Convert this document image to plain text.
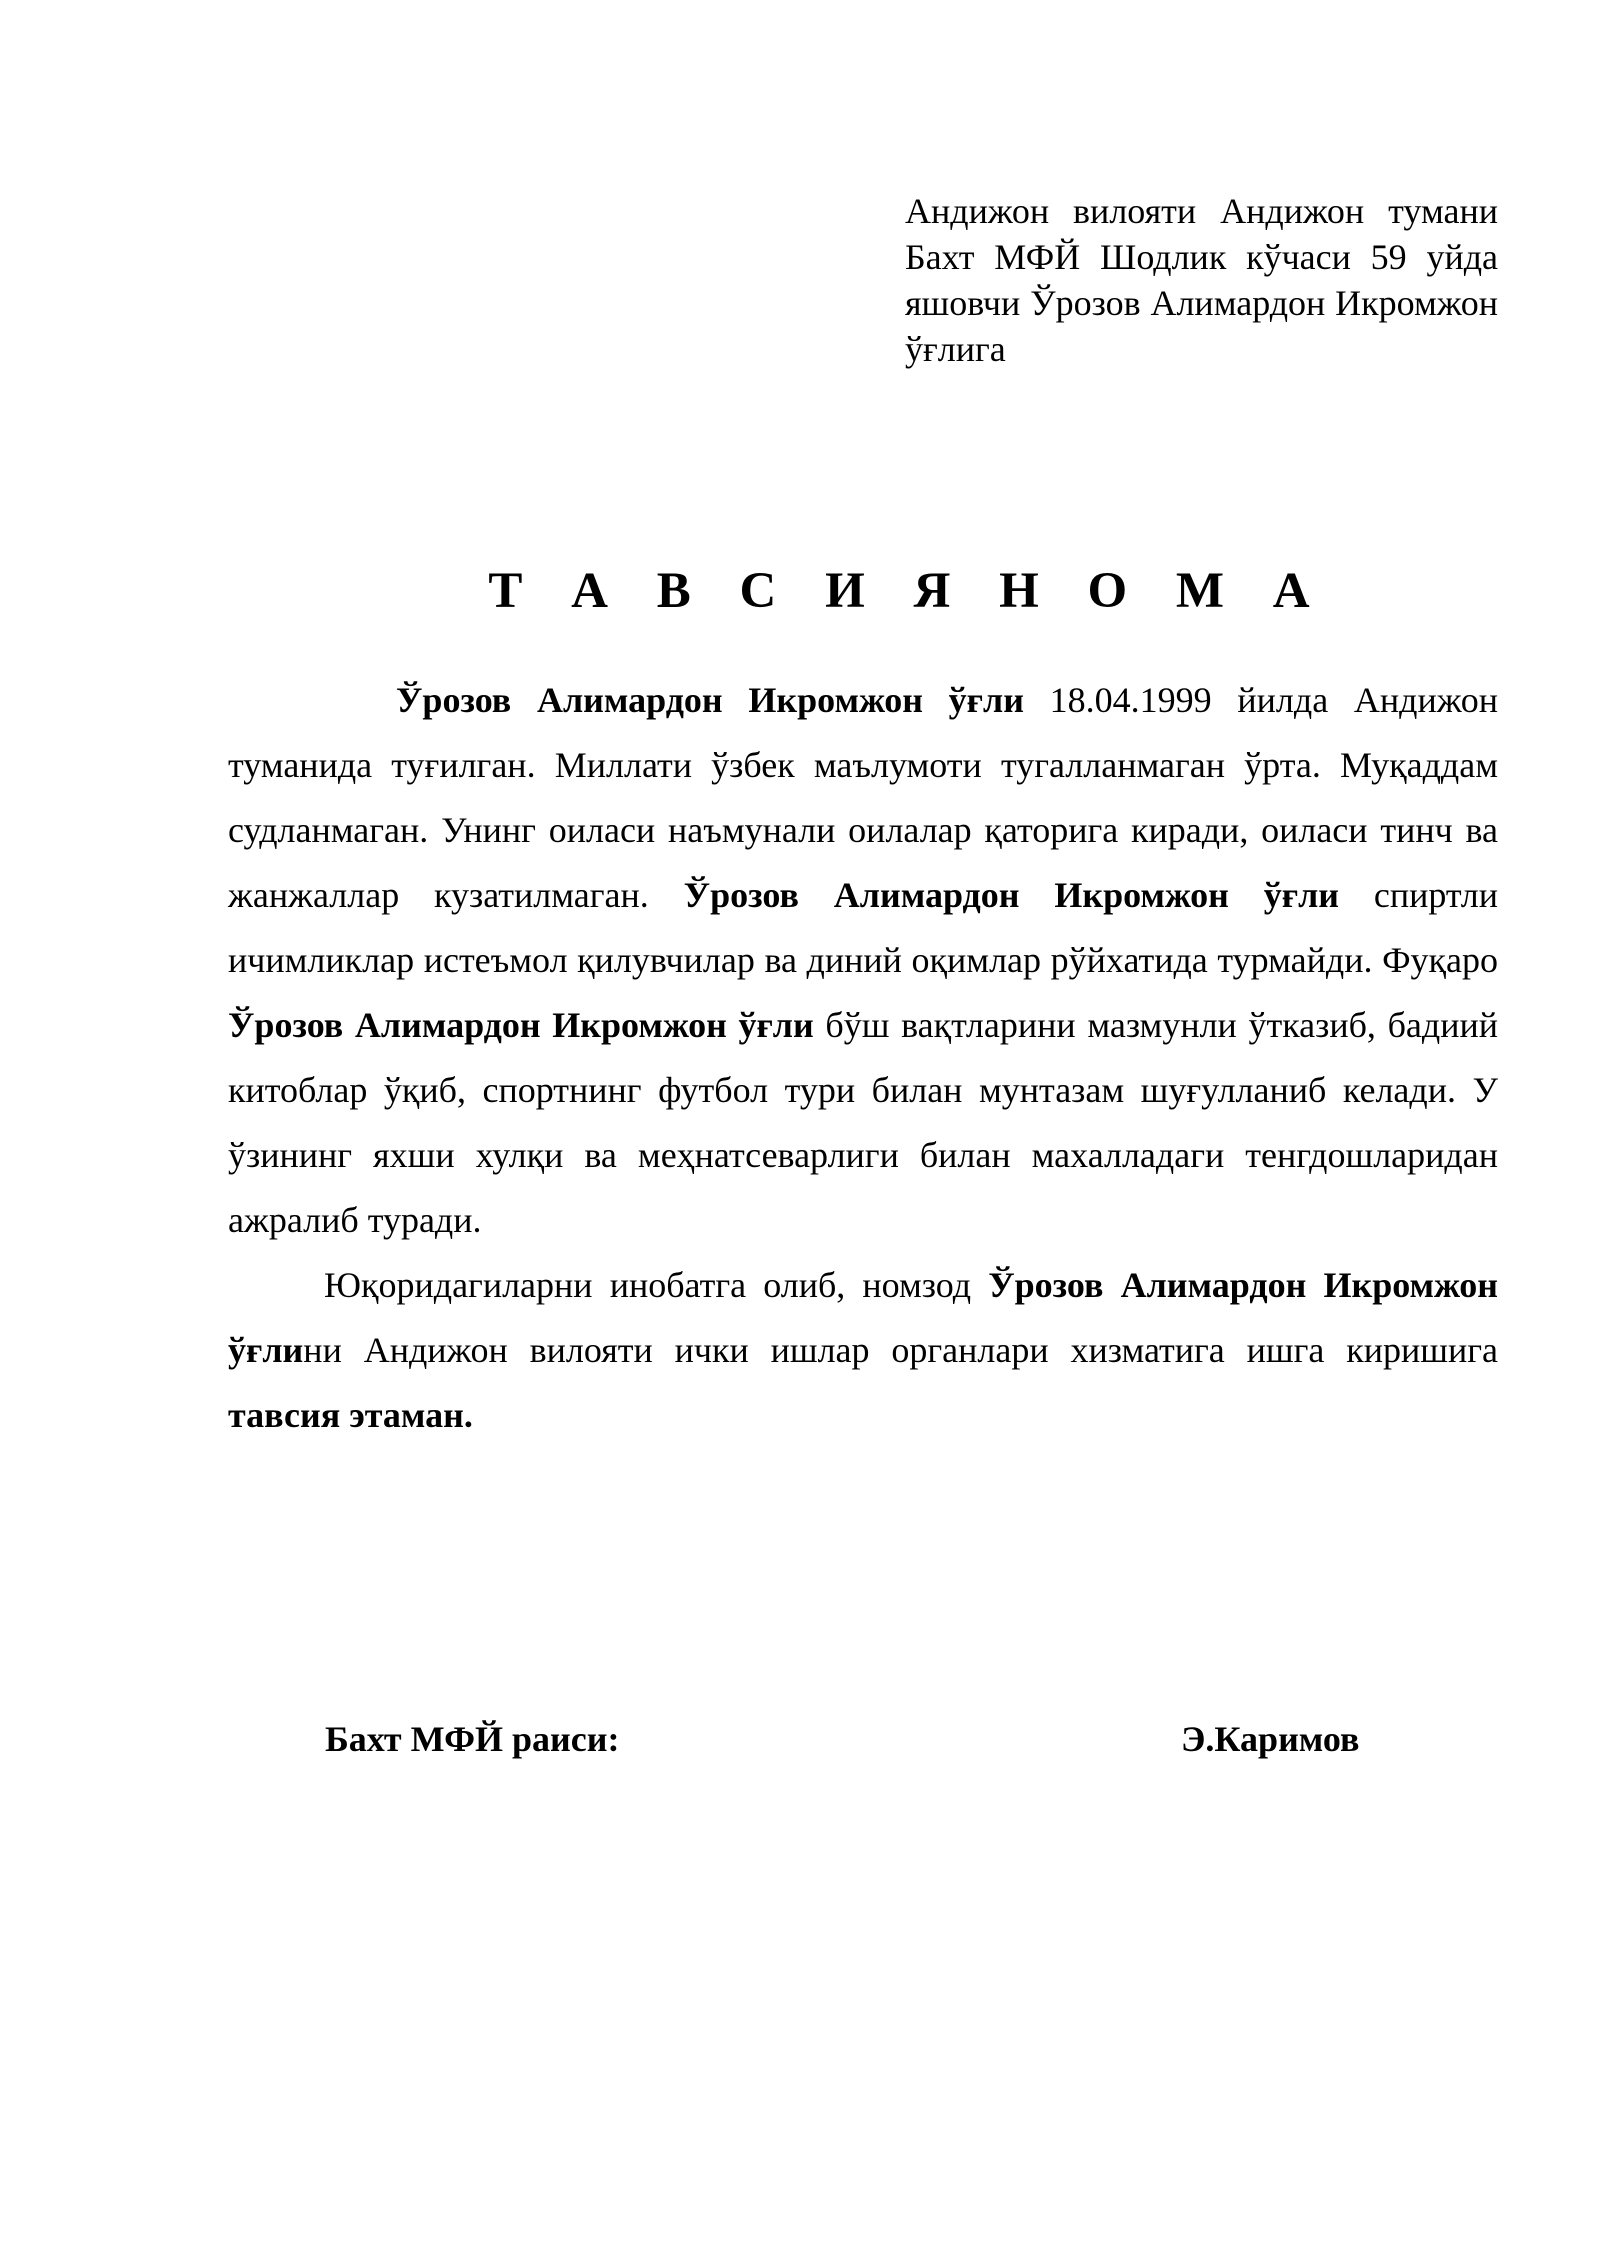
Андижон вилояти Андижон тумани Бахт МФЙ Шодлик кўчаси 59 уйда яшовчи Ўрозов Алимардон Икромжон ўғлига
Т А В С И Я Н О М А

Ўрозов Алимардон Икромжон ўғли 18.04.1999 йилда Андижон туманида туғилган. Миллати ўзбек маълумоти тугалланмаган ўрта. Муқаддам судланмаган. Унинг оиласи наъмунали оилалар қаторига киради, оиласи тинч ва жанжаллар кузатилмаган. Ўрозов Алимардон Икромжон ўғли спиртли ичимликлар истеъмол қилувчилар ва диний оқимлар рўйхатида турмайди. Фуқаро Ўрозов Алимардон Икромжон ўғли бўш вақтларини мазмунли ўтказиб, бадиий китоблар ўқиб, спортнинг футбол тури билан мунтазам шуғулланиб келади. У ўзининг яхши хулқи ва меҳнатсеварлиги билан махалладаги тенгдошларидан ажралиб туради.

Юқоридагиларни инобатга олиб, номзод Ўрозов Алимардон Икромжон ўғлини Андижон вилояти ички ишлар органлари хизматига ишга киришига тавсия этаман.

Бахт МФЙ раиси:	Э.Каримов
